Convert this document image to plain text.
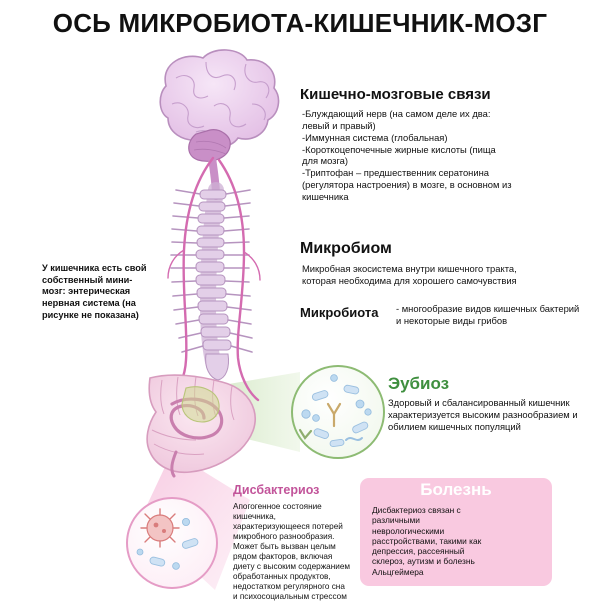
ОСЬ МИКРОБИОТА-КИШЕЧНИК-МОЗГ
Кишечно-мозговые связи
-Блуждающий нерв (на самом деле их два: левый и правый)
-Иммунная система (глобальная)
-Короткоцепочечные жирные кислоты (пища для мозга)
-Триптофан – предшественник сератонина (регулятора настроения) в мозге, в основном из кишечника
Микробиом
Микробная экосистема внутри кишечного тракта, которая необходима для хорошего самочувствия
Микробиота - многообразие видов кишечных бактерий и некоторые виды грибов
У кишечника есть свой собственный мини-мозг: энтерическая нервная система (на рисунке не показана)
Эубиоз
Здоровый и сбалансированный кишечник характеризуется высоким разнообразием и обилием кишечных популяций
Дисбактериоз
Апогогенное состояние кишечника, характеризующееся потерей микробного разнообразия. Может быть вызван целым рядом факторов, включая диету с высоким содержанием обработанных продуктов, недостатком регулярного сна и психосоциальным стрессом
Болезнь
Дисбактериоз связан с различными неврологическими расстройствами, такими как депрессия, рассеянный склероз, аутизм и болезнь Альцгеймера
